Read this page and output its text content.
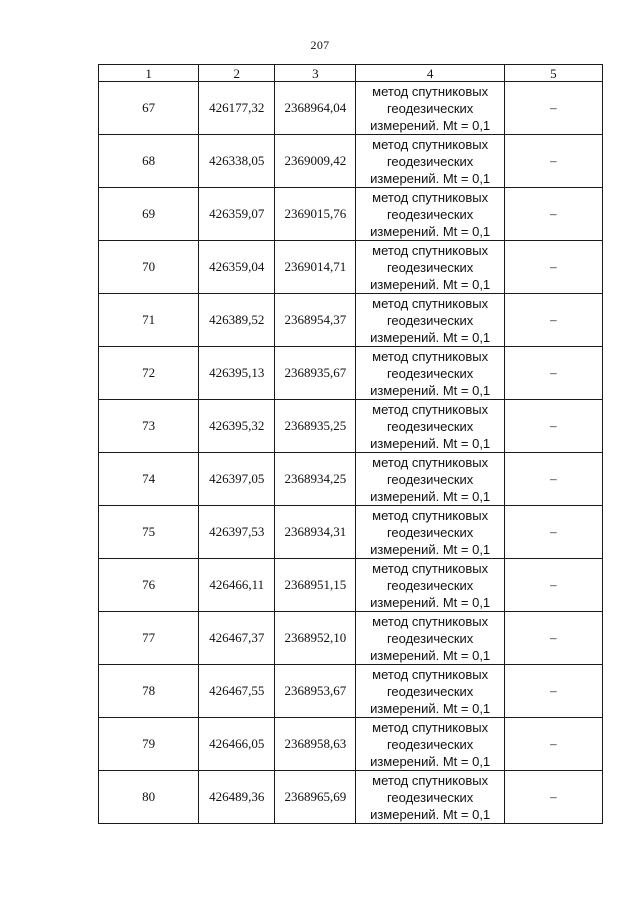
207
1	2	3	4	5
67	426177,32	2368964,04	метод спутниковых
геодезических
измерений. Mt = 0,1	–
68	426338,05	2369009,42	метод спутниковых
геодезических
измерений. Mt = 0,1	–
69	426359,07	2369015,76	метод спутниковых
геодезических
измерений. Mt = 0,1	–
70	426359,04	2369014,71	метод спутниковых
геодезических
измерений. Mt = 0,1	–
71	426389,52	2368954,37	метод спутниковых
геодезических
измерений. Mt = 0,1	–
72	426395,13	2368935,67	метод спутниковых
геодезических
измерений. Mt = 0,1	–
73	426395,32	2368935,25	метод спутниковых
геодезических
измерений. Mt = 0,1	–
74	426397,05	2368934,25	метод спутниковых
геодезических
измерений. Mt = 0,1	–
75	426397,53	2368934,31	метод спутниковых
геодезических
измерений. Mt = 0,1	–
76	426466,11	2368951,15	метод спутниковых
геодезических
измерений. Mt = 0,1	–
77	426467,37	2368952,10	метод спутниковых
геодезических
измерений. Mt = 0,1	–
78	426467,55	2368953,67	метод спутниковых
геодезических
измерений. Mt = 0,1	–
79	426466,05	2368958,63	метод спутниковых
геодезических
измерений. Mt = 0,1	–
80	426489,36	2368965,69	метод спутниковых
геодезических
измерений. Mt = 0,1	–
